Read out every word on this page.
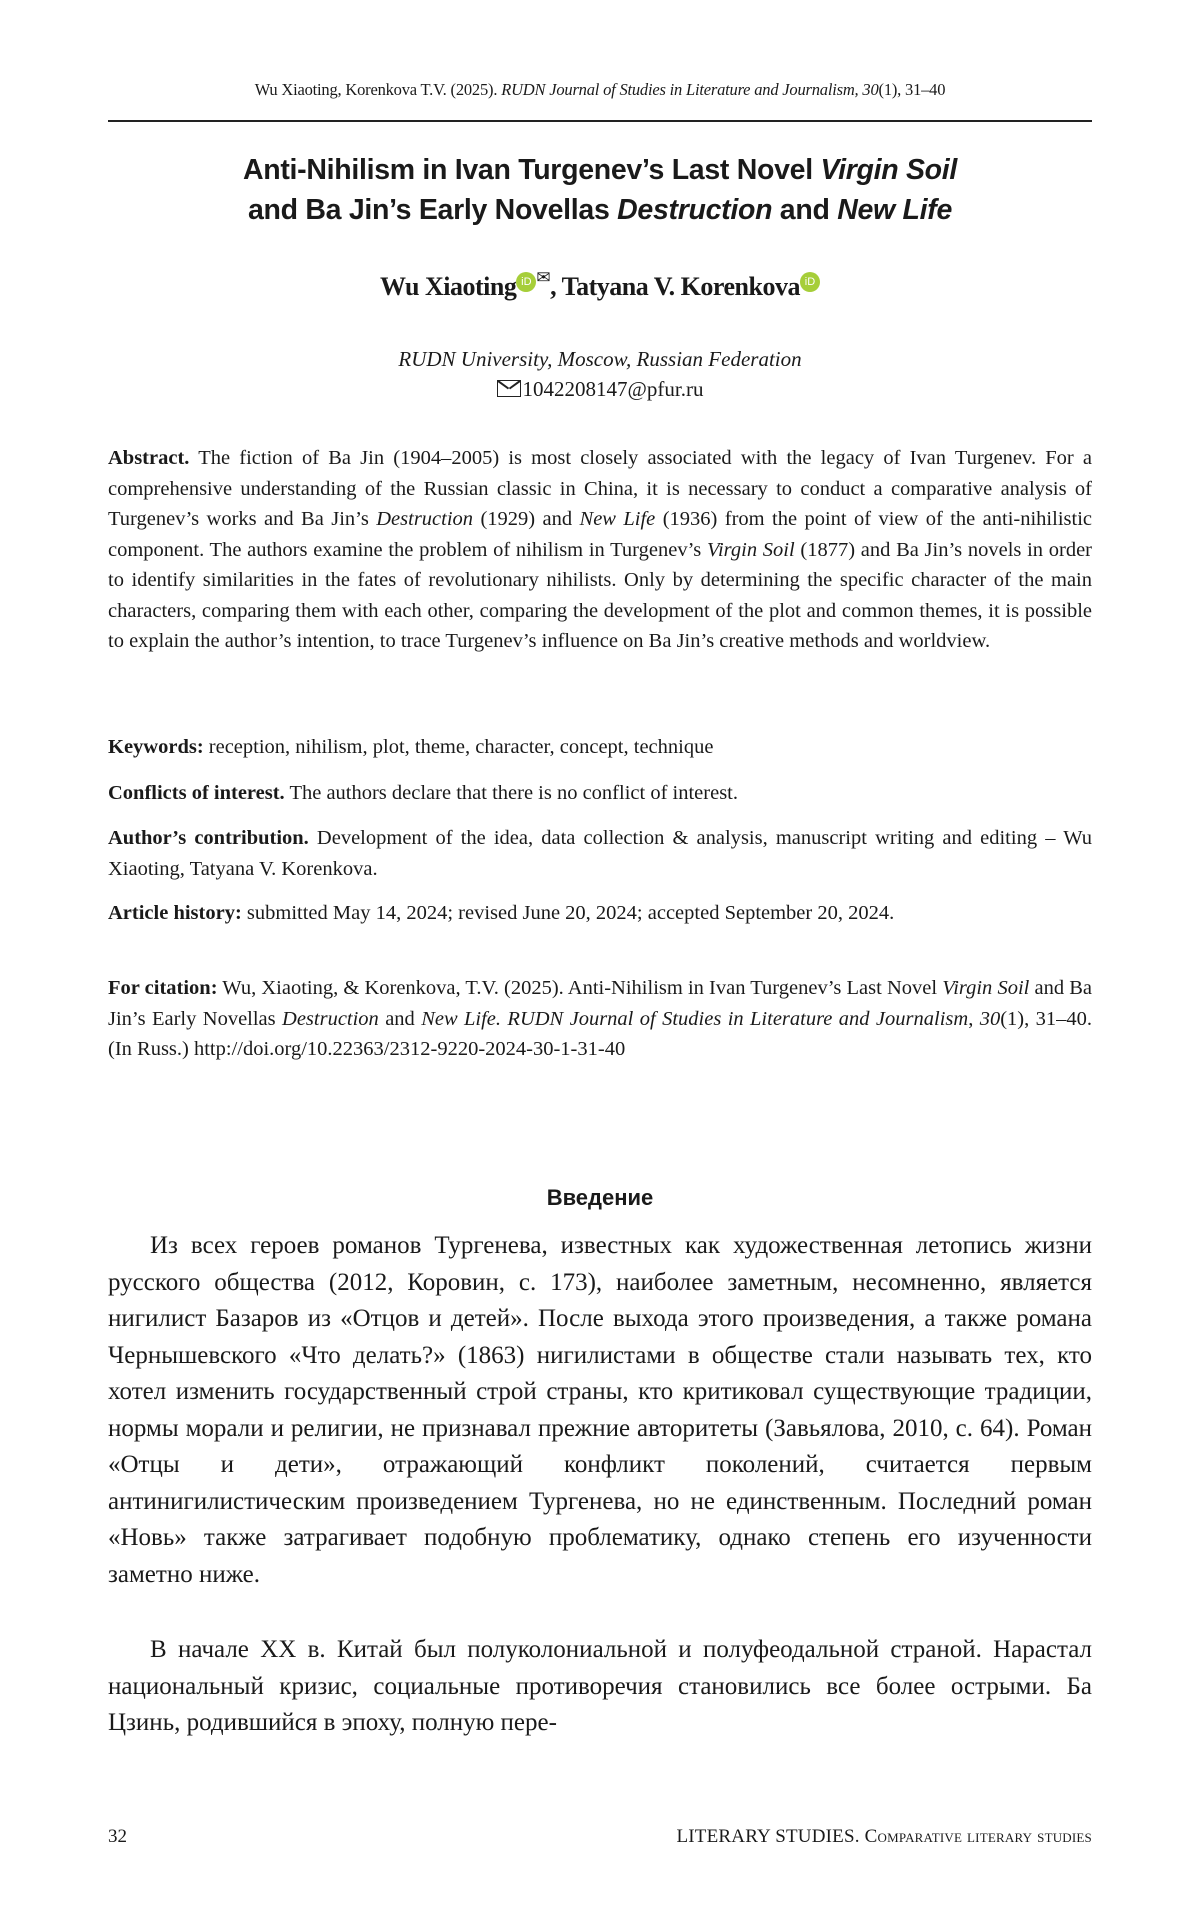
Wu Xiaoting, Korenkova T.V. (2025). RUDN Journal of Studies in Literature and Journalism, 30(1), 31–40
Anti-Nihilism in Ivan Turgenev’s Last Novel Virgin Soil
and Ba Jin’s Early Novellas Destruction and New Life
Wu Xiaoting iD ✉, Tatyana V. Korenkova iD
RUDN University, Moscow, Russian Federation
1042208147@pfur.ru
Abstract. The fiction of Ba Jin (1904–2005) is most closely associated with the legacy of Ivan Turgenev. For a comprehensive understanding of the Russian classic in China, it is necessary to conduct a comparative analysis of Turgenev’s works and Ba Jin’s Destruction (1929) and New Life (1936) from the point of view of the anti-nihilistic component. The authors examine the problem of nihilism in Turgenev’s Virgin Soil (1877) and Ba Jin’s novels in order to identify similarities in the fates of revolutionary nihilists. Only by determining the specific character of the main characters, comparing them with each other, comparing the development of the plot and common themes, it is possible to explain the author’s intention, to trace Turgenev’s influence on Ba Jin’s creative methods and worldview.
Keywords: reception, nihilism, plot, theme, character, concept, technique
Conflicts of interest. The authors declare that there is no conflict of interest.
Author’s contribution. Development of the idea, data collection & analysis, manuscript writing and editing – Wu Xiaoting, Tatyana V. Korenkova.
Article history: submitted May 14, 2024; revised June 20, 2024; accepted September 20, 2024.
For citation: Wu, Xiaoting, & Korenkova, T.V. (2025). Anti-Nihilism in Ivan Turgenev’s Last Novel Virgin Soil and Ba Jin’s Early Novellas Destruction and New Life. RUDN Journal of Studies in Literature and Journalism, 30(1), 31–40. (In Russ.) http://doi.org/10.22363/2312-9220-2024-30-1-31-40
Введение
Из всех героев романов Тургенева, известных как художественная летопись жизни русского общества (2012, Коровин, с. 173), наиболее заметным, несомненно, является нигилист Базаров из «Отцов и детей». После выхода этого произведения, а также романа Чернышевского «Что делать?» (1863) нигилистами в обществе стали называть тех, кто хотел изменить государственный строй страны, кто критиковал существующие традиции, нормы морали и религии, не признавал прежние авторитеты (Завьялова, 2010, с. 64). Роман «Отцы и дети», отражающий конфликт поколений, считается первым антинигилистическим произведением Тургенева, но не единственным. Последний роман «Новь» также затрагивает подобную проблематику, однако степень его изученности заметно ниже.
В начале XX в. Китай был полуколониальной и полуфеодальной страной. Нарастал национальный кризис, социальные противоречия становились все более острыми. Ба Цзинь, родившийся в эпоху, полную пере-
32	LITERARY STUDIES. Comparative literary studies
